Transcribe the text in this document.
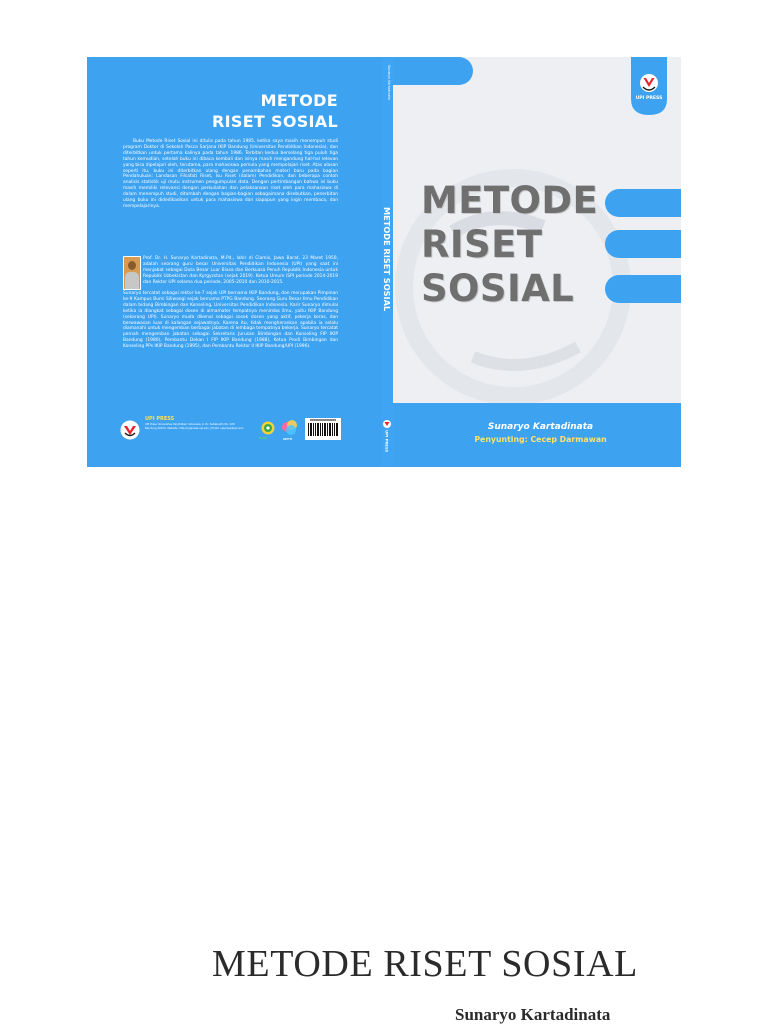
METODE
RISET SOSIAL
Buku Metode Riset Sosial ini ditulis pada tahun 1985, ketika saya masih menempuh studi program Doktor di Sekolah Pasca Sarjana IKIP Bandung (Universitas Pendidikan Indonesia), dan diterbitkan untuk pertama kalinya pada tahun 1986. Terbitan kedua berselang tiga puluh tiga tahun kemudian, setelah buku ini dibaca kembali dan isinya masih mengandung hal-hal relevan yang bisa dipelajari oleh, terutama, para mahasiswa pemula yang mempelajari riset. Atas alasan seperti itu, buku ini diterbitkan ulang dengan penambahan materi baru pada bagian Pendahuluan: Landasan Filsafati Riset, Isu Riset (dalam) Pendidikan, dan beberapa contoh analisis statistik uji mutu instrumen pengumpulan data. Dengan pertimbangan bahwa isi buku masih memiliki relevansi dengan perkuliahan dan pelaksanaan riset oleh para mahasiswa di dalam menempuh studi, ditambah dengan bagian-bagian sebagaimana disebutkan, penerbitan ulang buku ini didedikasikan untuk para mahasiswa dan siapapun yang ingin membaca, dan mempelajarinya.
Prof. Dr. H. Sunaryo Kartadinata, M.Pd., lahir di Ciamis, Jawa Barat, 23 Maret 1950, adalah seorang guru besar Universitas Pendidikan Indonesia (UPI) yang saat ini menjabat sebagai Duta Besar Luar Biasa dan Berkuasa Penuh Republik Indonesia untuk Republik Uzbekistan dan Kyrgyzstan (sejak 2019). Ketua Umum ISPI periode 2014-2019 dan Rektor UPI selama dua periode, 2005-2010 dan 2010-2015.
Sunaryo tercatat sebagai rektor ke-7 sejak UPI bernama IKIP Bandung, dan merupakan Pimpinan ke-9 Kampus Bumi Siliwangi sejak bernama PTPG Bandung. Seorang Guru Besar Ilmu Pendidikan dalam bidang Bimbingan dan Konseling, Universitas Pendidikan Indonesia. Karir Sunaryo dimulai ketika ia diangkat sebagai dosen di almamater tempatnya menimba ilmu, yaitu IKIP Bandung (sekarang UPI). Sunaryo muda dikenal sebagai sosok dosen yang aktif, pekerja keras, dan berwawasan luas di kalangan sejawatnya. Karena itu, tidak mengherankan apabila ia selalu diamanahi untuk mengemban berbagai jabatan di lembaga tempatnya bekerja. Sunaryo tercatat pernah mengemban jabatan sebagai Sekretaris Jurusan Bimbingan dan Konseling FIP IKIP Bandung (1980), Pembantu Dekan I FIP IKIP Bandung (1988), Ketua Prodi Bimbingan dan Konseling PPs IKIP Bandung (1995), dan Pembantu Rektor II IKIP Bandung/UPI (1996).
UPI PRESS
UPI Press Universitas Pendidikan Indonesia, Jl. Dr. Setiabudhi No. 229 Bandung 40154. Website: http://upipress.upi.edu | Email: upipress@upi.edu
IKAPI	APPTI
Sunaryo Kartadinata
METODE RISET SOSIAL
UPI PRESS
METODE
RISET
SOSIAL
Sunaryo Kartadinata
Penyunting: Cecep Darmawan
UPI PRESS
METODE RISET SOSIAL
Sunaryo Kartadinata
